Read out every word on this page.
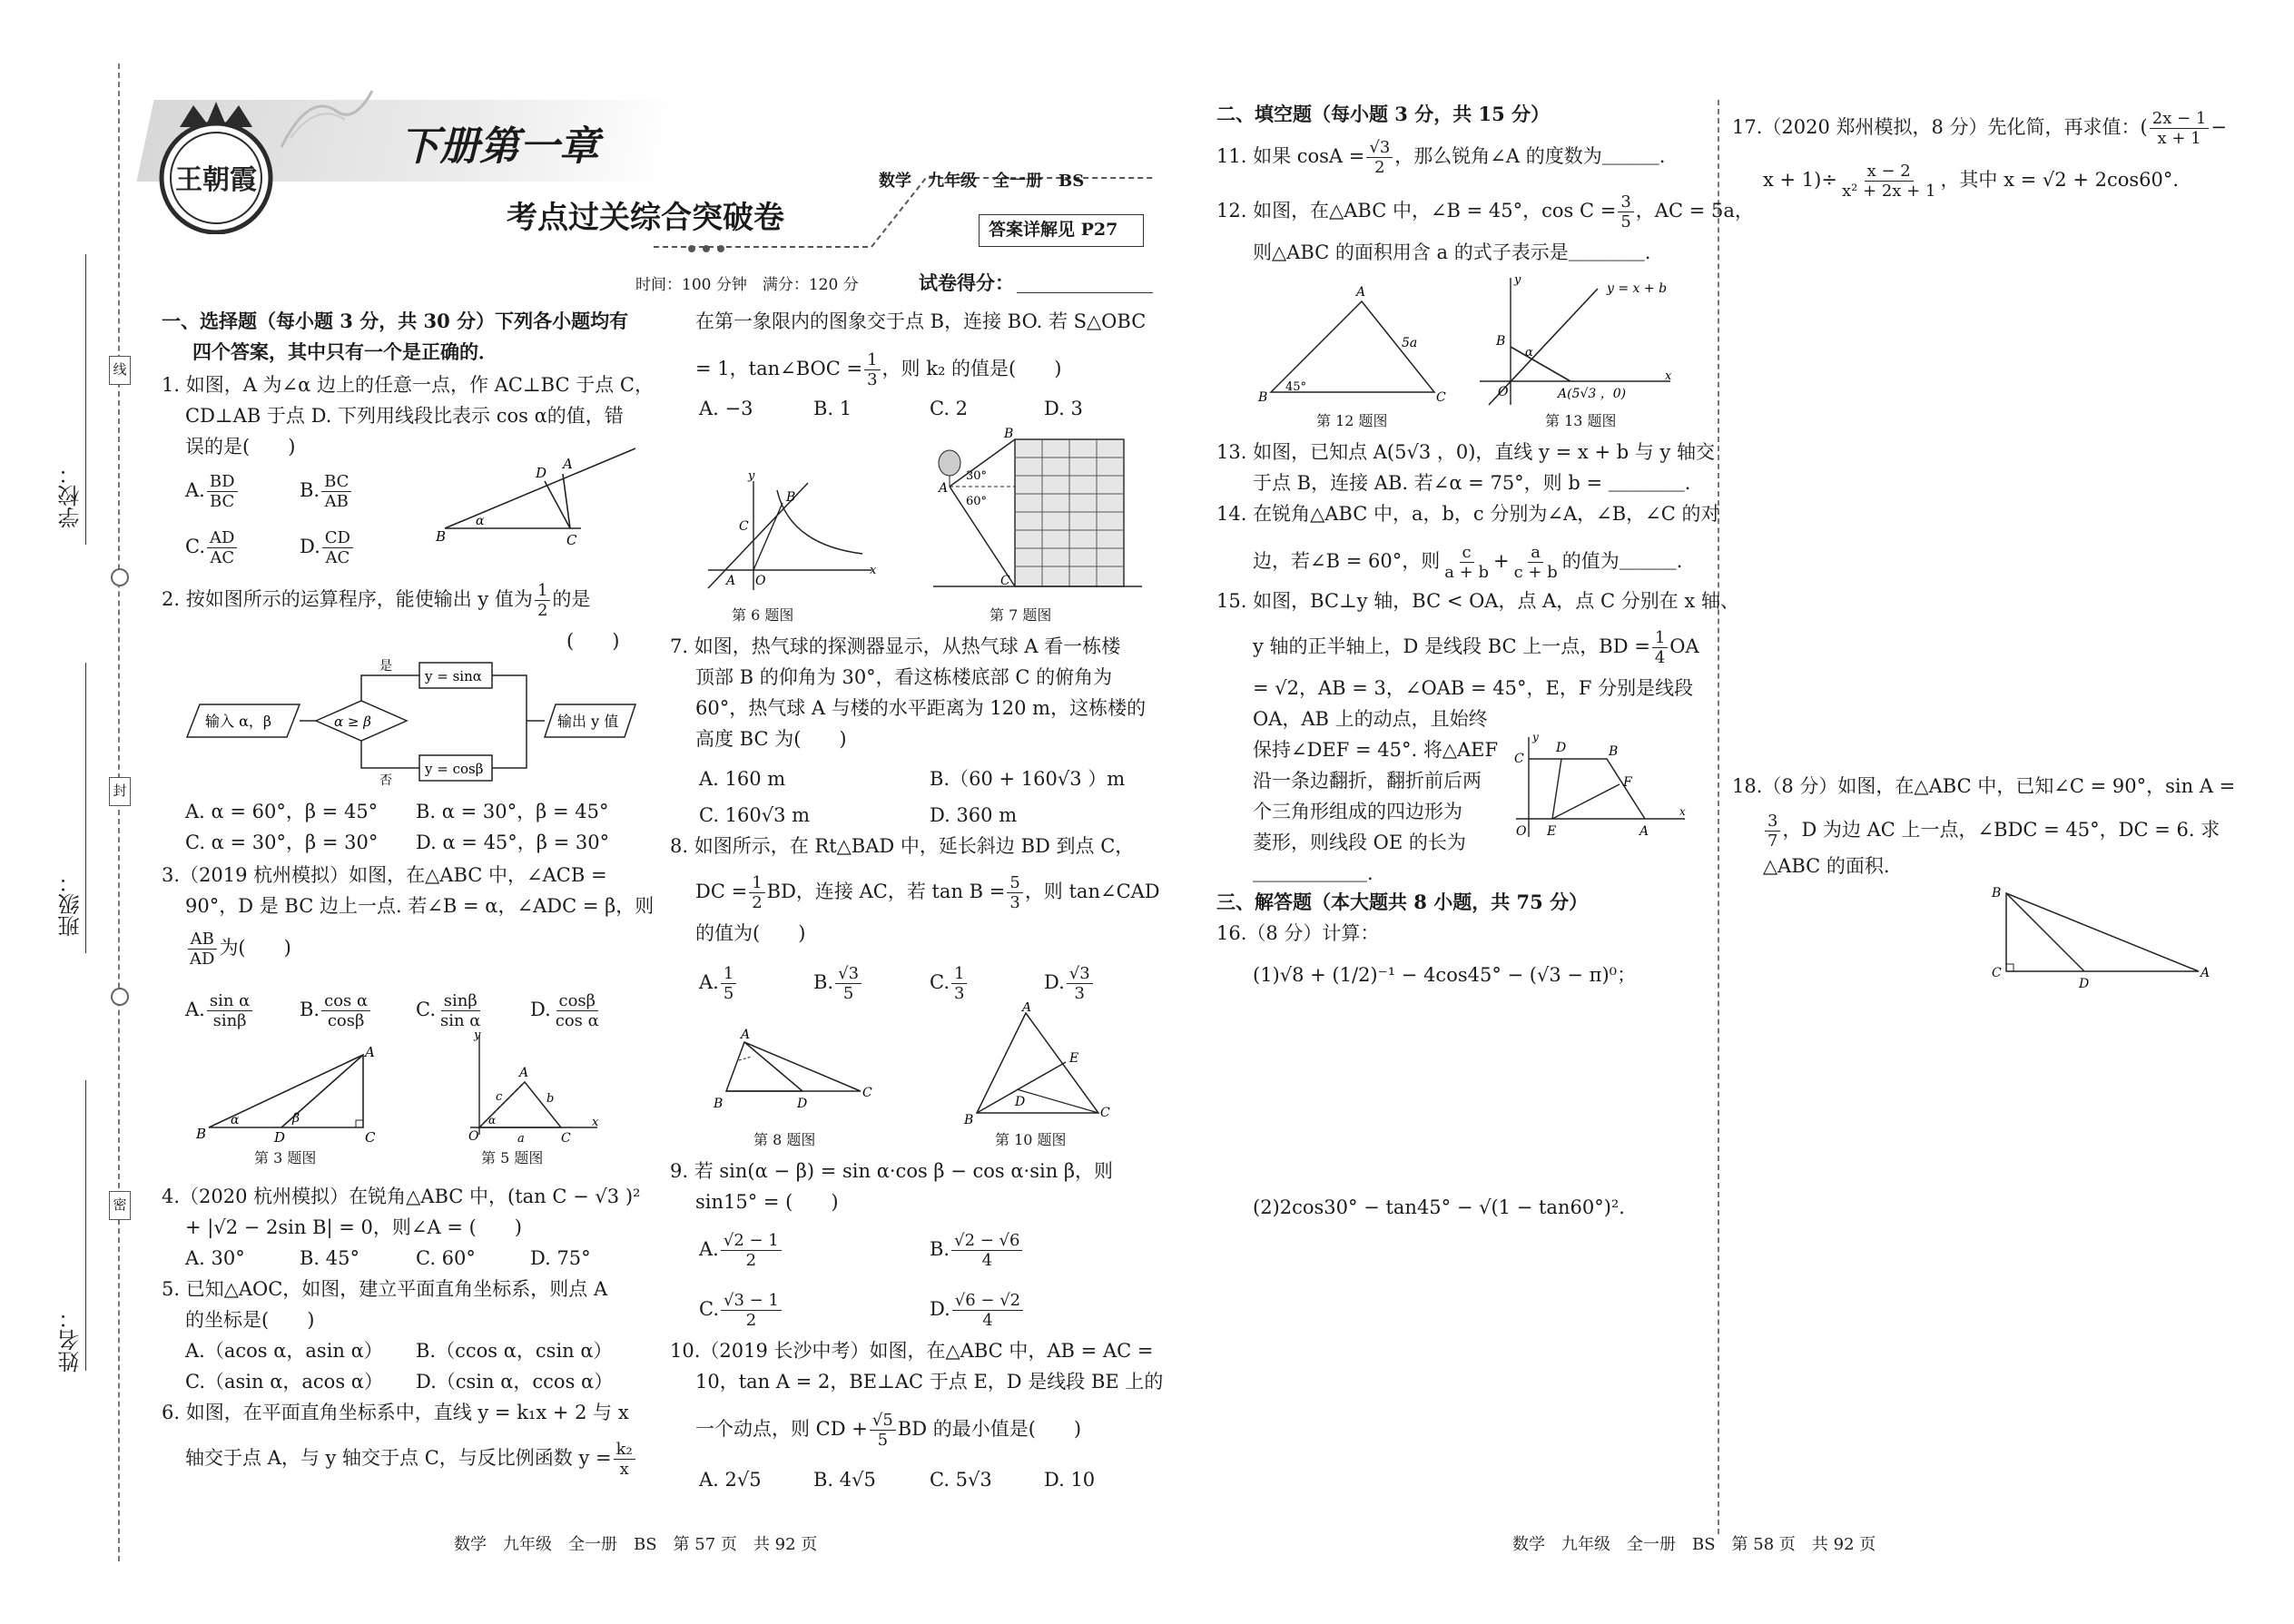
线
封
密
学校：
班级：
姓名：
王朝霞
下册第一章
考点过关综合突破卷
数学　九年级　全一册　BS
答案详解见 P27
时间：100 分钟　满分：120 分	试卷得分：
一、选择题（每小题 3 分，共 30 分）下列各小题均有
四个答案，其中只有一个是正确的．
1. 如图，A 为∠α 边上的任意一点，作 AC⊥BC 于点 C，
CD⊥AB 于点 D. 下列用线段比表示 cos α的值，错
误的是(　　)
A. $\frac{BD}{BC}$	B. $\frac{BC}{AB}$
C. $\frac{AD}{AC}$	D. $\frac{CD}{AC}$	B
A
D
C
α
2. 按如图所示的运算程序，能使输出 y 值为 $\frac{1}{2}$ 的是
(　　)
输入 α，β	α ≥ β
是
否
y = sinα
y = cosβ
输出 y 值
A. α = 60°，β = 45° B. α = 30°，β = 45°
C. α = 30°，β = 30° D. α = 45°，β = 30°
3.（2019 杭州模拟）如图，在△ABC 中，∠ACB =
90°，D 是 BC 边上一点. 若∠B = α，∠ADC = β，则
$\frac{AB}{AD}$ 为(　　)
A. $\frac{\text{sin α}}{\sin\beta} B$. $\frac{\text{cos α}}{\cos\beta} C$. $\frac{\sin\beta}{\text{sin α}} D$. $\frac{\cos\beta}{\text{cos α}}$
B	D	C
A
α	β
第 3 题图
y
x
O	C
A
c	b
a
α
第 5 题图
4.（2020 杭州模拟）在锐角△ABC 中，(tan C − √3 )²
+ |√2 − 2sin B| = 0，则∠A = (　　)
A. 30°	B. 45°	C. 60°	D. 75°
5. 已知△AOC，如图，建立平面直角坐标系，则点 A
的坐标是(　　)
A.（acos α，asin α） B.（ccos α，csin α）
C.（asin α，acos α） D.（csin α，ccos α）
6. 如图，在平面直角坐标系中，直线 y = k₁x + 2 与 x
轴交于点 A，与 y 轴交于点 C，与反比例函数 $y = \frac{\text{k₂}}{x}$
在第一象限内的图象交于点 B，连接 BO. 若 S△OBC
= 1，tan∠BOC = $\frac{1}{3}$ ，则 k₂ 的值是(　　)
A. −3	B. 1	C. 2	D. 3
y
x
O
A
C
B
第 6 题图
A
B
C
30°
60°
第 7 题图
7. 如图，热气球的探测器显示，从热气球 A 看一栋楼
顶部 B 的仰角为 30°，看这栋楼底部 C 的俯角为
60°，热气球 A 与楼的水平距离为 120 m，这栋楼的
高度 BC 为(　　)
A. 160 m	B.（60 + 160√3 ）m
C. 160√3 m	D. 360 m
8. 如图所示，在 Rt△BAD 中，延长斜边 BD 到点 C，
DC = $\frac{1}{2}$ BD，连接 AC，若 $\tan B = \frac{5}{3}$ ，则 tan∠CAD
的值为(　　)
A. $\frac{1}{5}$	B. $\frac{√3}{5}$	C. $\frac{1}{3}$	D. $\frac{√3}{3}$
A
B	D
C
第 8 题图
A
B	C
E
D
第 10 题图
9. 若 sin(α − β) = sin α·cos β − cos α·sin β，则
sin15° = (　　)
A. $\frac{√2 - 1}{2}$	B. $\frac{√2 - √6}{4}$
C. $\frac{√3 - 1}{2}$	D. $\frac{√6 - √2}{4}$
10.（2019 长沙中考）如图，在△ABC 中，AB = AC =
10，tan A = 2，BE⊥AC 于点 E，D 是线段 BE 上的
一个动点，则 CD + $\frac{√5}{5}$ BD 的最小值是(　　)
A. 2√5	B. 4√5	C. 5√3	D. 10
数学　九年级　全一册　BS　第 57 页　共 92 页
二、填空题（每小题 3 分，共 15 分）
11. 如果 $\cos A = \frac{√3}{2}$ ，那么锐角∠A 的度数为＿＿＿.
12. 如图，在△ABC 中，∠B = 45°，$\cos C = \frac{3}{5}$ ，AC = 5a，
则△ABC 的面积用含 a 的式子表示是＿＿＿＿.
B
A
C
5a
45°
第 12 题图
y
x
y = x + b
B
α
O	A(5√3 ，0)
第 13 题图
13. 如图，已知点 A(5√3 ，0)，直线 y = x + b 与 y 轴交
于点 B，连接 AB. 若∠α = 75°，则 b = ＿＿＿＿.
14. 在锐角△ABC 中，a，b，c 分别为∠A，∠B，∠C 的对
边，若∠B = 60°，则 $\frac{c}{a + b} + \frac{a}{c + b}$ 的值为＿＿＿.
15. 如图，BC⊥y 轴，BC < OA，点 A，点 C 分别在 x 轴、
y 轴的正半轴上，D 是线段 BC 上一点，BD = $\frac{1}{4}$ OA
= √2，AB = 3，∠OAB = 45°，E，F 分别是线段
OA，AB 上的动点，且始终
保持∠DEF = 45°. 将△AEF
沿一条边翻折，翻折前后两
个三角形组成的四边形为
菱形，则线段 OE 的长为
＿＿＿＿＿＿.
y
x
C
D	B
F
O E	A
三、解答题（本大题共 8 小题，共 75 分）
16.（8 分）计算：
(1)√8 + (1/2)⁻¹ − 4cos45° − (√3 − π)⁰；
(2)2cos30° − tan45° − √(1 − tan60°)².
数学　九年级　全一册　BS　第 58 页　共 92 页
17.（2020 郑州模拟，8 分）先化简，再求值：( $\frac{2x - 1}{x + 1}$ −
$x + 1)\div \frac{x - 2}{\text{x² + 2x + 1}}$ ，其中 x = √2 + 2cos60°.
18.（8 分）如图，在△ABC 中，已知∠C = 90°，sin A =
$\frac{3}{7}$ ，D 为边 AC 上一点，∠BDC = 45°，DC = 6. 求
△ABC 的面积.
B
C
D
A
